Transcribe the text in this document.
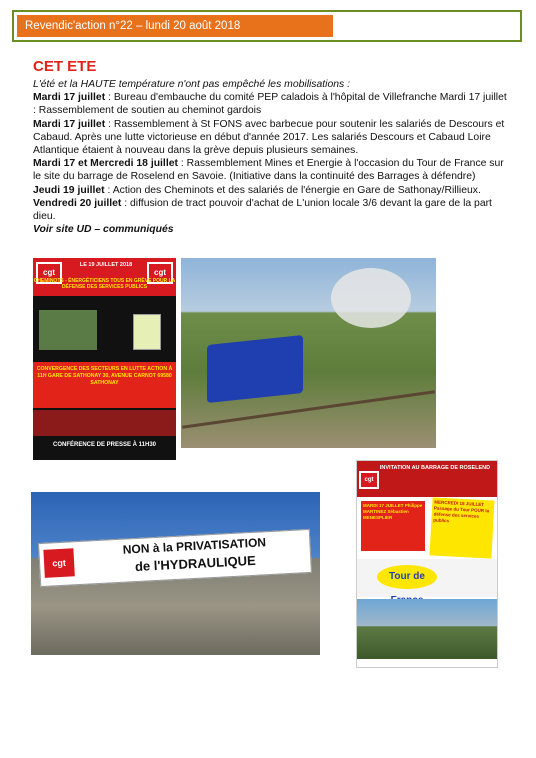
Revendic'action n°22 – lundi 20 août 2018
CET ETE

L'été et la HAUTE température n'ont pas empêché les mobilisations :

Mardi 17 juillet : Bureau d'embauche du comité PEP caladois à l'hôpital de Villefranche Mardi 17 juillet : Rassemblement de soutien au cheminot gardois

Mardi 17 juillet : Rassemblement à St FONS avec barbecue pour soutenir les salariés de Descours et Cabaud. Après une lutte victorieuse en début d'année 2017. Les salariés Descours et Cabaud Loire Atlantique étaient à nouveau dans la grève depuis plusieurs semaines.

Mardi 17 et Mercredi 18 juillet : Rassemblement Mines et Energie à l'occasion du Tour de France sur le site du barrage de Roselend en Savoie. (Initiative dans la continuité des Barrages à défendre)

Jeudi 19 juillet : Action des Cheminots et des salariés de l'énergie en Gare de Sathonay/Rillieux.

Vendredi 20 juillet : diffusion de tract pouvoir d'achat de L'union locale 3/6 devant la gare de la part dieu.

Voir site UD – communiqués

cgt	cgt
LE 19 JUILLET 2018
CHEMINOTS - ÉNERGÉTICIENS TOUS EN GRÈVE POUR LA DÉFENSE DES SERVICES PUBLICS
CONVERGENCE DES SECTEURS EN LUTTE ACTION À 11H GARE DE SATHONAY 30, AVENUE CARNOT 69580 SATHONAY
CONFÉRENCE DE PRESSE À 11H30
cgt
NON à la PRIVATISATION
de l'HYDRAULIQUE
cgt
INVITATION AU BARRAGE DE ROSELEND
MARDI 17 JUILLET Philippe MARTINEZ Sébastien MENESPLIER
MERCREDI 18 JUILLET Passage du Tour POUR la défense des services publics
Tour de
